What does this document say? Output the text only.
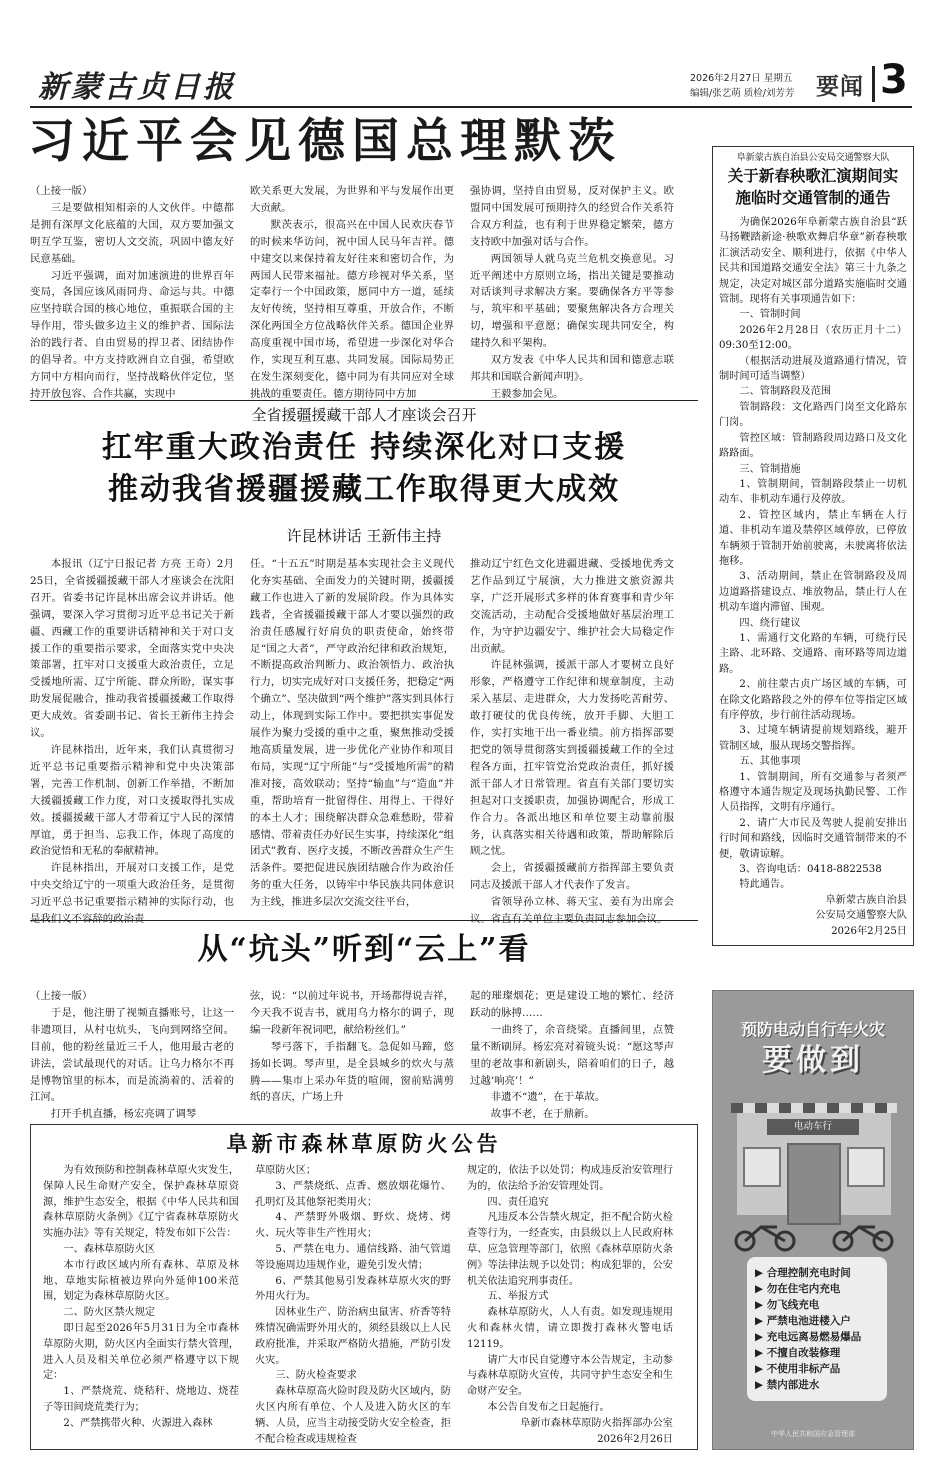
新蒙古贞日报	2026年2月27日 星期五
编辑/张艺萌 质检/刘芳芳 要闻 3
习近平会见德国总理默茨

（上接一版）

三是要做相知相亲的人文伙伴。中德都是拥有深厚文化底蕴的大国，双方要加强文明互学互鉴，密切人文交流，巩固中德友好民意基础。

习近平强调，面对加速演进的世界百年变局，各国应该风雨同舟、命运与共。中德应坚持联合国的核心地位，重振联合国的主导作用，带头做多边主义的维护者、国际法治的践行者、自由贸易的捍卫者、团结协作的倡导者。中方支持欧洲自立自强，希望欧方同中方相向而行，坚持战略伙伴定位，坚持开放包容、合作共赢，实现中

欧关系更大发展，为世界和平与发展作出更大贡献。

默茨表示，很高兴在中国人民欢庆春节的时候来华访问，祝中国人民马年吉祥。德中建交以来保持着友好往来和密切合作，为两国人民带来福祉。德方珍视对华关系，坚定奉行一个中国政策，愿同中方一道，延续友好传统，坚持相互尊重，开放合作，不断深化两国全方位战略伙伴关系。德国企业界高度重视中国市场，希望进一步深化对华合作，实现互利互惠、共同发展。国际局势正在发生深刻变化，德中同为有共同应对全球挑战的重要责任。德方期待同中方加

强协调，坚持自由贸易，反对保护主义。欧盟同中国发展可预期持久的经贸合作关系符合双方利益，也有利于世界稳定繁荣，德方支持欧中加强对话与合作。

两国领导人就乌克兰危机交换意见。习近平阐述中方原则立场，指出关键是要推动对话谈判寻求解决方案。要确保各方平等参与，筑牢和平基础；要聚焦解决各方合理关切，增强和平意愿；确保实现共同安全，构建持久和平架构。

双方发表《中华人民共和国和德意志联邦共和国联合新闻声明》。

王毅参加会见。

阜新蒙古族自治县公安局交通警察大队
关于新春秧歌汇演期间实
施临时交通管制的通告

为确保2026年阜新蒙古族自治县“跃马扬鞭踏新途·秧歌欢舞启华章”新春秧歌汇演活动安全、顺利进行，依据《中华人民共和国道路交通安全法》第三十九条之规定，决定对城区部分道路实施临时交通管制。现将有关事项通告如下：

一、管制时间

2026年2月28日（农历正月十二）09:30至12:00。

（根据活动进展及道路通行情况，管制时间可适当调整）

二、管制路段及范围

管制路段：文化路西门岗至文化路东门岗。

管控区域：管制路段周边路口及文化路路面。

三、管制措施

1、管制期间，管制路段禁止一切机动车、非机动车通行及停放。

2、管控区域内，禁止车辆在人行道、非机动车道及禁停区域停放，已停放车辆须于管制开始前驶离，未驶离将依法拖移。

3、活动期间，禁止在管制路段及周边道路搭建设点、堆放物品，禁止行人在机动车道内滞留、围观。

四、绕行建议

1、需通行文化路的车辆，可绕行民主路、北环路、交通路、南环路等周边道路。

2、前往蒙古贞广场区域的车辆，可在除文化路路段之外的停车位等指定区域有序停放，步行前往活动现场。

3、过境车辆请提前规划路线，避开管制区域，服从现场交警指挥。

五、其他事项

1、管制期间，所有交通参与者须严格遵守本通告规定及现场执勤民警、工作人员指挥，文明有序通行。

2、请广大市民及驾驶人提前安排出行时间和路线，因临时交通管制带来的不便，敬请谅解。

3、咨询电话：0418-8822538

特此通告。

阜新蒙古族自治县

公安局交通警察大队

2026年2月25日

全省援疆援藏干部人才座谈会召开
扛牢重大政治责任 持续深化对口支援
推动我省援疆援藏工作取得更大成效
许昆林讲话 王新伟主持

本报讯（辽宁日报记者 方亮 王奇）2月25日，全省援疆援藏干部人才座谈会在沈阳召开。省委书记许昆林出席会议并讲话。他强调，要深入学习贯彻习近平总书记关于新疆、西藏工作的重要讲话精神和关于对口支援工作的重要指示要求，全面落实党中央决策部署，扛牢对口支援重大政治责任，立足受援地所需、辽宁所能、群众所盼，谋实事助发展促融合，推动我省援疆援藏工作取得更大成效。省委副书记、省长王新伟主持会议。

许昆林指出，近年来，我们认真贯彻习近平总书记重要指示精神和党中央决策部署，完善工作机制、创新工作举措，不断加大援疆援藏工作力度，对口支援取得扎实成效。援疆援藏干部人才带着辽宁人民的深情厚谊，勇于担当、忘我工作，体现了高度的政治觉悟和无私的奉献精神。

许昆林指出，开展对口支援工作，是党中央交给辽宁的一项重大政治任务，是贯彻习近平总书记重要指示精神的实际行动，也

任。“十五五”时期是基本实现社会主义现代化夯实基础、全面发力的关键时期，援疆援藏工作也进入了新的发展阶段。作为具体实践者，全省援疆援藏干部人才要以强烈的政治责任感履行好肩负的职责使命，始终带足“国之大者”，严守政治纪律和政治规矩，不断提高政治判断力、政治领悟力、政治执行力，切实完成好对口支援任务，把稳定“两个确立”、坚决做到“两个维护”落实到具体行动上，体现到实际工作中。要把拱实事促发展作为聚力受援的重中之重，聚焦推动受援地高质量发展，进一步优化产业协作和项目布局，实现“辽宁所能”与“受援地所需”的精准对接，高效联动；坚持“输血”与“造血”并重，帮助培育一批留得住、用得上、干得好的本土人才；围绕解决群众急难愁盼，带着感情、带着责任办好民生实事，持续深化“组团式”教育、医疗支援，不断改善群众生产生活条件。要把促进民族团结融合作为政治任务的重大任务，以铸牢中华民族共同体意识为主线，推进多层次交流交往平台，

推动辽宁红色文化进疆进藏、受援地优秀文艺作品到辽宁展演，大力推进文旅资源共享，广泛开展形式多样的体育赛事和青少年交流活动，主动配合受援地做好基层治理工作，为守护边疆安宁、维护社会大局稳定作出贡献。

许昆林强调，援派干部人才要树立良好形象，严格遵守工作纪律和规章制度，主动采入基层、走进群众，大力发扬吃苦耐劳、敢打硬仗的优良传统，放开手脚、大胆工作，实打实地干出一番业绩。前方指挥部要把党的领导贯彻落实到援疆援藏工作的全过程各方面，扛牢管党治党政治责任，抓好援派干部人才日常管理。省直有关部门要切实担起对口支援职责，加强协调配合，形成工作合力。各派出地区和单位要主动靠前服务，认真落实相关待遇和政策，帮助解除后顾之忧。

会上，省援疆援藏前方指挥部主要负责同志及援派干部人才代表作了发言。

省领导孙立林、蒋天宝、姜有为出席会

从“坑头”听到“云上”看

（上接一版）

于是，他注册了视频直播账号，让这一非遗项目，从村屯炕头，飞向到网络空间。目前，他的粉丝量近三千人，他用最古老的讲法，尝试最现代的对话。让乌力格尔不再是博物馆里的标本，而是流淌着的、活着的江河。

打开手机直播，杨宏亮调了调琴

弦，说：“以前过年说书，开场都得说吉祥，今天我不说吉书，就用乌力格尔的调子，现编一段新年祝词吧，献给粉丝们。”

琴弓落下，手指翻飞。急促如马蹄，悠扬如长调。琴声里，是全县城乡的炊火与蒸腾——集市上采办年货的喧闹，窗前贴满剪纸的喜庆，广场上升

起的璀璨烟花；更是建设工地的繁忙、经济跃动的脉搏……

一曲终了，余音绕梁。直播间里，点赞量不断刷屏。杨宏亮对着镜头说：“愿这琴声里的老故事和新剧头，陪着咱们的日子，越过越‘响亮’！”

非遗不“遗”，在于革故。

故事不老，在于鼎新。

阜新市森林草原防火公告

为有效预防和控制森林草原火灾发生，保障人民生命财产安全，保护森林草原资源，维护生态安全，根据《中华人民共和国森林草原防火条例》《辽宁省森林草原防火实施办法》等有关规定，特发布如下公告：

一、森林草原防火区

本市行政区域内所有森林、草原及林地、草地实际植被边界向外延伸100米范围，划定为森林草原防火区。

二、防火区禁火规定

即日起至2026年5月31日为全市森林草原防火期，防火区内全面实行禁火管理，进入人员及相关单位必须严格遵守以下规定：

1、严禁烧荒、烧秸秆、烧地边、烧茬子等田间烧荒类行为；

2、严禁携带火种、火源进入森林

草原防火区；

3、严禁烧纸、点香、燃放烟花爆竹、孔明灯及其他祭祀类用火；

4、严禁野外吸烟、野炊、烧烤、烤火、玩火等非生产性用火；

5、严禁在电力、通信线路、油气管道等设施周边违规作业，避免引发火情；

6、严禁其他易引发森林草原火灾的野外用火行为。

因林业生产、防治病虫鼠害、疥香等特殊情况确需野外用火的，须经县级以上人民政府批准，并采取严格防火措施，严防引发火灾。

三、防火检查要求

森林草原高火险时段及防火区域内，防火区内所有单位、个人及进入防火区的车辆、人员，应当主动接受防火安全检查，拒不配合检查或违规检查

规定的，依法予以处罚；构成违反治安管理行为的，依法给予治安管理处罚。

四、责任追究

凡违反本公告禁火规定，拒不配合防火检查等行为，一经查实，由县级以上人民政府林草、应急管理等部门，依照《森林草原防火条例》等法律法规予以处罚；构成犯罪的，公安机关依法追究刑事责任。

五、举报方式

森林草原防火，人人有责。如发现违规用火和森林火情，请立即拨打森林火警电话12119。

请广大市民自觉遵守本公告规定，主动参与森林草原防火宣传，共同守护生态安全和生命财产安全。

本公告自发布之日起施行。

阜新市森林草原防火指挥部办公室

2026年2月26日

预防电动自行车火灾
要做到
电动车行
▶ 合理控制充电时间
▶ 勿在住宅内充电
▶ 勿飞线充电
▶ 严禁电池进楼入户
▶ 充电远离易燃易爆品
▶ 不擅自改装修理
▶ 不使用非标产品
▶ 禁内部进水
中华人民共和国应急管理部
